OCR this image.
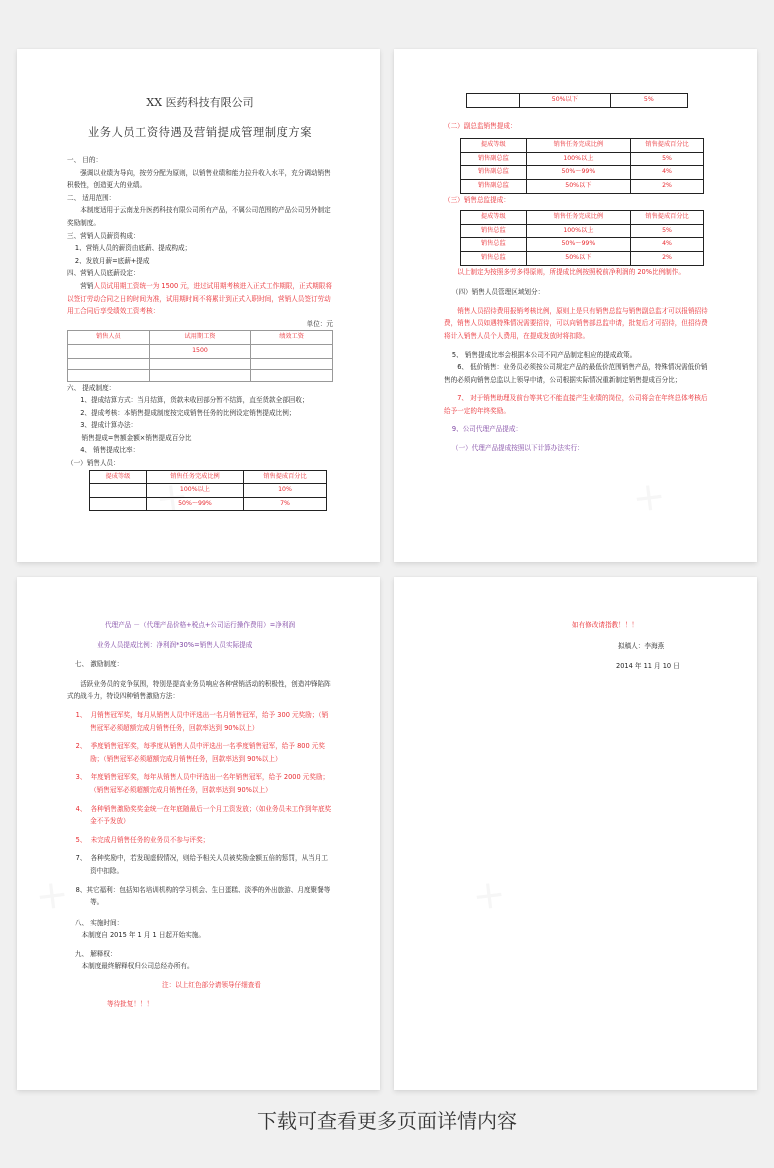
XX 医药科技有限公司
业务人员工资待遇及营销提成管理制度方案
一、 目的：
强调以业绩为导向，按劳分配为原则，以销售业绩和能力拉升收入水平，充分调动销售积极性，创造更大的业绩。
二、 适用范围：
本制度适用于云南龙升医药科技有限公司所有产品，不属公司范围的产品公司另外制定奖励制度。
三、营销人员薪资构成：
1、营销人员的薪资由底薪、提成构成；
2、发放月薪=底薪+提成
四、营销人员底薪设定：
营销人员试用期工资统一为 1500 元，进过试用期考核进入正式工作期限，正式期限将以签订劳动合同之日的时间为准，试用期时间不将累计到正式入职时间，营销人员签订劳动用工合同后享受绩效工资考核：
单位：元
销售人员	试用期工资	绩效工资
	1500	

六、 提成制度：
1、提成结算方式：当月结算，货款未收回部分暂不结算，直至货款全部回收；
2、提成考核：本销售提成制度按完成销售任务的比例设定销售提成比例；
3、提成计算办法：
销售提成=售额金额×销售提成百分比
4、 销售提成比率：
（一）销售人员：
提成等级	销售任务完成比例	销售提成百分比
	100%以上	10%
	50%～99%	7%
	50%以下	5%
（二）副总监销售提成：
提成等级	销售任务完成比例	销售提成百分比
销售副总监	100%以上	5%
销售副总监	50%～99%	4%
销售副总监	50%以下	2%
（三）销售总监提成：
提成等级	销售任务完成比例	销售提成百分比
销售总监	100%以上	5%
销售总监	50%～99%	4%
销售总监	50%以下	2%
以上制定为按照多劳多得原则，所提成比例按照税前净利润的 20%比例制作。
（四）销售人员管理区域划分：
销售人员招待费用报销考核比例，原则上是只有销售总监与销售副总监才可以报销招待费，销售人员如遇特殊情况需要招待，可以向销售部总监申请，批复后才可招待，但招待费将计入销售人员个人费用，在提成发放时将扣除。
5、 销售提成比率会根据本公司不同产品制定相应的提成政策。
6、 低价销售：业务员必须按公司规定产品的最低价范围销售产品，特殊情况需低价销售的必须向销售总监以上领导申请，公司根据实际情况重新制定销售提成百分比；
7、 对于销售助理及前台等其它不能直接产生业绩的岗位，公司将会在年终总体考核后给予一定的年终奖励。
9、公司代理产品提成：
（一）代理产品提成按照以下计算办法实行：
代理产品 －（代理产品价格+税点+公司运行操作费用）=净利润
业务人员提成比例：净利润*30%=销售人员实际提成
七、 激励制度：
活跃业务员的竞争氛围，特别是提高业务员响应各种营销活动的积极性，创造冲锋陷阵式的战斗力，特设四种销售激励方法：
1、 月销售冠军奖，每月从销售人员中评选出一名月销售冠军，给予 300 元奖励；（销售冠军必须超额完成月销售任务，回款率达到 90%以上）
2、 季度销售冠军奖，每季度从销售人员中评选出一名季度销售冠军，给予 800 元奖励；（销售冠军必须超额完成月销售任务，回款率达到 90%以上）
3、 年度销售冠军奖，每年从销售人员中评选出一名年销售冠军，给予 2000 元奖励；（销售冠军必须超额完成月销售任务，回款率达到 90%以上）
4、 各种销售激励奖奖金统一在年底随最后一个月工资发放；（如业务员未工作到年底奖金不予发放）
5、 未完成月销售任务的业务员不参与评奖；
7、 各种奖励中，若发现虚假情况，则给予相关人员被奖励金额五倍的惩罚，从当月工资中扣除。
8、其它福利：包括知名培训机构的学习机会、生日蛋糕、淡季的外出旅游、月度聚餐等等。
八、 实施时间：
本制度自 2015 年 1 月 1 日起开始实施。
九、 解释权：
本制度最终解释权归公司总经办所有。
注：以上红色部分请领导仔细查看
等待批复！！！
如有修改请指教！！！
拟稿人：李海燕
2014 年 11 月 10 日
下载可查看更多页面详情内容
